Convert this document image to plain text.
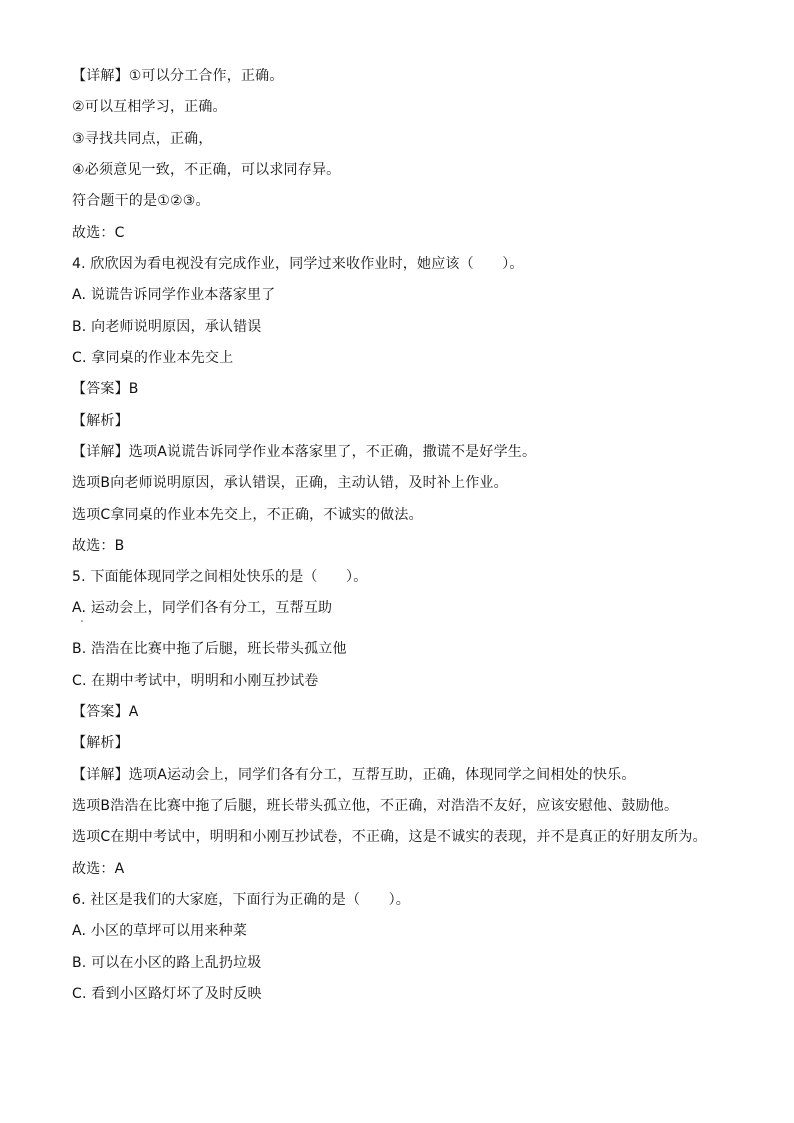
【详解】①可以分工合作，正确。
②可以互相学习，正确。
③寻找共同点，正确，
④必须意见一致，不正确，可以求同存异。
符合题干的是①②③。
故选：C
4. 欣欣因为看电视没有完成作业，同学过来收作业时，她应该（　　）。
A. 说谎告诉同学作业本落家里了
B. 向老师说明原因，承认错误
C. 拿同桌的作业本先交上
【答案】B
【解析】
【详解】选项A说谎告诉同学作业本落家里了，不正确，撒谎不是好学生。
选项B向老师说明原因，承认错误，正确，主动认错，及时补上作业。
选项C拿同桌的作业本先交上，不正确，不诚实的做法。
故选：B
5. 下面能体现同学之间相处快乐的是（　　）。
A. 运动会上，同学们各有分工，互帮互助
B. 浩浩在比赛中拖了后腿，班长带头孤立他
C. 在期中考试中，明明和小刚互抄试卷
【答案】A
【解析】
【详解】选项A运动会上，同学们各有分工，互帮互助，正确，体现同学之间相处的快乐。
选项B浩浩在比赛中拖了后腿，班长带头孤立他，不正确，对浩浩不友好，应该安慰他、鼓励他。
选项C在期中考试中，明明和小刚互抄试卷，不正确，这是不诚实的表现，并不是真正的好朋友所为。
故选：A
6. 社区是我们的大家庭，下面行为正确的是（　　）。
A. 小区的草坪可以用来种菜
B. 可以在小区的路上乱扔垃圾
C. 看到小区路灯坏了及时反映
